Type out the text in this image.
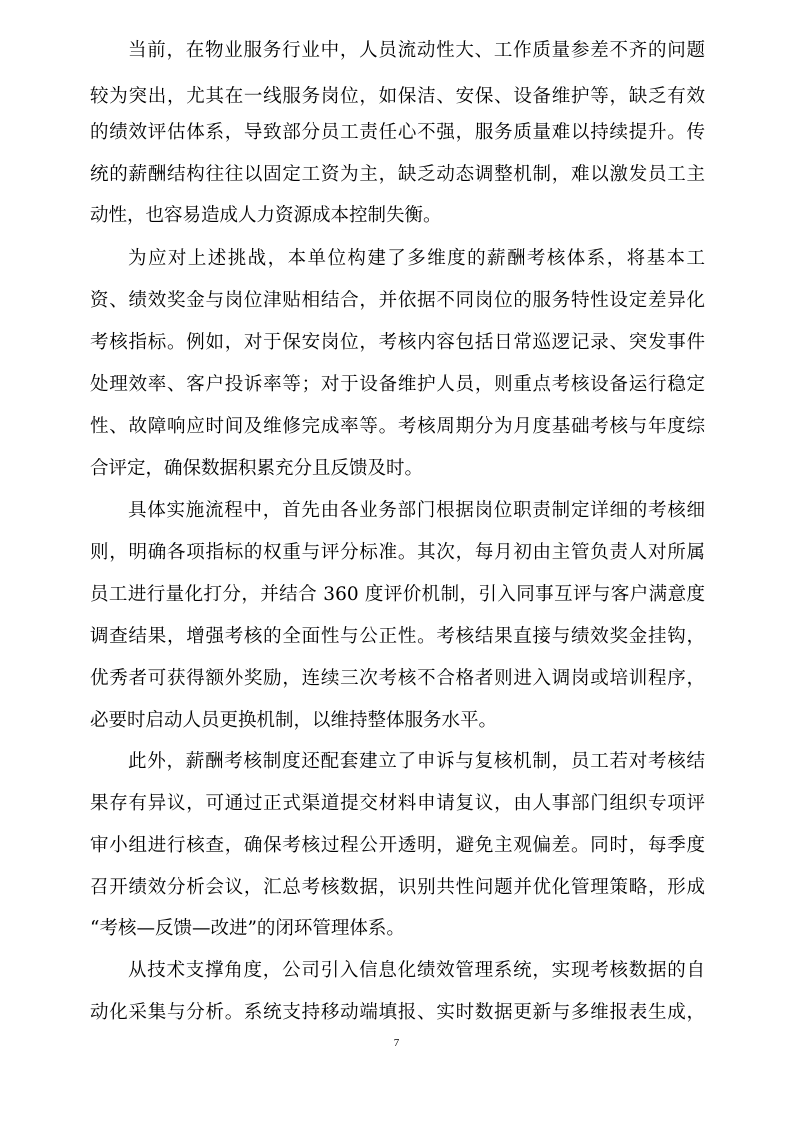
当前，在物业服务行业中，人员流动性大、工作质量参差不齐的问题
较为突出，尤其在一线服务岗位，如保洁、安保、设备维护等，缺乏有效
的绩效评估体系，导致部分员工责任心不强，服务质量难以持续提升。传
统的薪酬结构往往以固定工资为主，缺乏动态调整机制，难以激发员工主
动性，也容易造成人力资源成本控制失衡。
为应对上述挑战，本单位构建了多维度的薪酬考核体系，将基本工
资、绩效奖金与岗位津贴相结合，并依据不同岗位的服务特性设定差异化
考核指标。例如，对于保安岗位，考核内容包括日常巡逻记录、突发事件
处理效率、客户投诉率等；对于设备维护人员，则重点考核设备运行稳定
性、故障响应时间及维修完成率等。考核周期分为月度基础考核与年度综
合评定，确保数据积累充分且反馈及时。
具体实施流程中，首先由各业务部门根据岗位职责制定详细的考核细
则，明确各项指标的权重与评分标准。其次，每月初由主管负责人对所属
员工进行量化打分，并结合 360 度评价机制，引入同事互评与客户满意度
调查结果，增强考核的全面性与公正性。考核结果直接与绩效奖金挂钩，
优秀者可获得额外奖励，连续三次考核不合格者则进入调岗或培训程序，
必要时启动人员更换机制，以维持整体服务水平。
此外，薪酬考核制度还配套建立了申诉与复核机制，员工若对考核结
果存有异议，可通过正式渠道提交材料申请复议，由人事部门组织专项评
审小组进行核查，确保考核过程公开透明，避免主观偏差。同时，每季度
召开绩效分析会议，汇总考核数据，识别共性问题并优化管理策略，形成
“考核—反馈—改进”的闭环管理体系。
从技术支撑角度，公司引入信息化绩效管理系统，实现考核数据的自
动化采集与分析。系统支持移动端填报、实时数据更新与多维报表生成，
7
